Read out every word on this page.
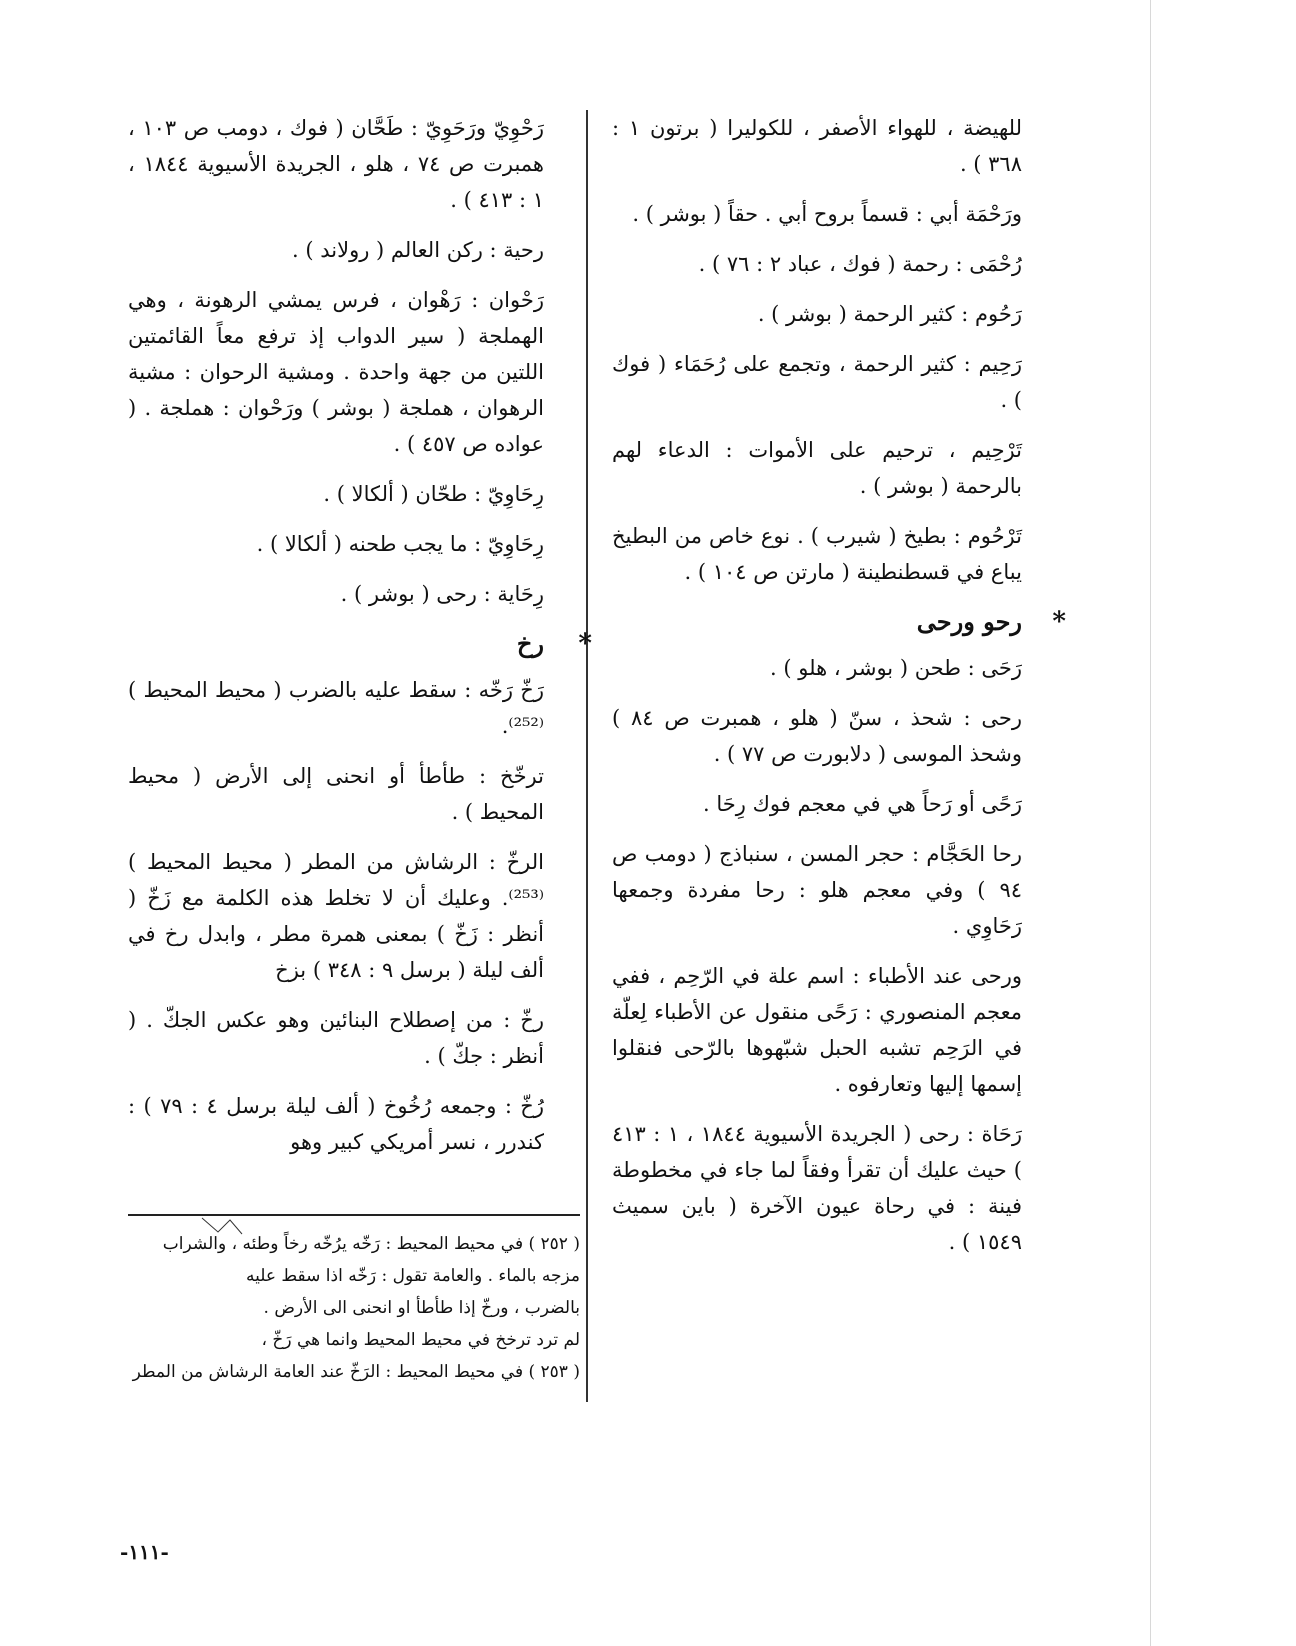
للهيضة ، للهواء الأصفر ، للكوليرا ( برتون ١ : ٣٦٨ ) .
ورَحْمَة أبي : قسماً بروح أبي . حقاً ( بوشر ) .
رُحْمَى : رحمة ( فوك ، عباد ٢ : ٧٦ ) .
رَحُوم : كثير الرحمة ( بوشر ) .
رَحِيم : كثير الرحمة ، وتجمع على رُحَمَاء ( فوك ) .
تَرْحِيم ، ترحيم على الأموات : الدعاء لهم بالرحمة ( بوشر ) .
تَرْحُوم : بطيخ ( شيرب ) . نوع خاص من البطيخ يباع في قسطنطينة ( مارتن ص ١٠٤ ) .
*
رحو ورحى
رَحَى : طحن ( بوشر ، هلو ) .
رحى : شحذ ، سنّ ( هلو ، همبرت ص ٨٤ ) وشحذ الموسى ( دلابورت ص ٧٧ ) .
رَحًى أو رَحاً هي في معجم فوك رِحَا .
رحا الحَجَّام : حجر المسن ، سنباذج ( دومب ص ٩٤ ) وفي معجم هلو : رحا مفردة وجمعها رَحَاوِي .
ورحى عند الأطباء : اسم علة في الرّحِم ، ففي معجم المنصوري : رَحًى منقول عن الأطباء لِعلّة في الرَحِم تشبه الحبل شبّهوها بالرّحى فنقلوا إسمها إليها وتعارفوه .
رَحَاة : رحى ( الجريدة الأسيوية ١٨٤٤ ، ١ : ٤١٣ ) حيث عليك أن تقرأ وفقاً لما جاء في مخطوطة فينة : في رحاة عيون الآخرة ( باين سميث ١٥٤٩ ) .
رَحْوِيّ ورَحَوِيّ : طَحَّان ( فوك ، دومب ص ١٠٣ ، همبرت ص ٧٤ ، هلو ، الجريدة الأسيوية ١٨٤٤ ، ١ : ٤١٣ ) .
رحية : ركن العالم ( رولاند ) .
رَحْوان : رَهْوان ، فرس يمشي الرهونة ، وهي الهملجة ( سير الدواب إذ ترفع معاً القائمتين اللتين من جهة واحدة . ومشية الرحوان : مشية الرهوان ، هملجة ( بوشر ) ورَحْوان : هملجة . ( عواده ص ٤٥٧ ) .
رِحَاوِيّ : طحّان ( ألكالا ) .
رِحَاوِيّ : ما يجب طحنه ( ألكالا ) .
رِحَاية : رحى ( بوشر ) .
*
رخ
رَخّ رَخّه : سقط عليه بالضرب ( محيط المحيط )⁽²⁵²⁾.
ترخّخ : طأطأ أو انحنى إلى الأرض ( محيط المحيط ) .
الرخّ : الرشاش من المطر ( محيط المحيط )⁽²⁵³⁾. وعليك أن لا تخلط هذه الكلمة مع زَخّ ( أنظر : زَخّ ) بمعنى همرة مطر ، وابدل رخ في ألف ليلة ( برسل ٩ : ٣٤٨ ) بزخ
رخّ : من إصطلاح البنائين وهو عكس الجكّ . ( أنظر : جكّ ) .
رُخّ : وجمعه رُخُوخ ( ألف ليلة برسل ٤ : ٧٩ ) : كندرر ، نسر أمريكي كبير وهو
( ٢٥٢ ) في محيط المحيط : رَخّه يرُخّه رخاً وطئه ، والشراب
مزجه بالماء . والعامة تقول : رَخّه اذا سقط عليه
بالضرب ، ورخّ إذا طأطأ او انحنى الى الأرض .
لم ترد ترخخ في محيط المحيط وانما هي رَخّ ،
( ٢٥٣ ) في محيط المحيط : الرَخّ عند العامة الرشاش من المطر
-١١١-
